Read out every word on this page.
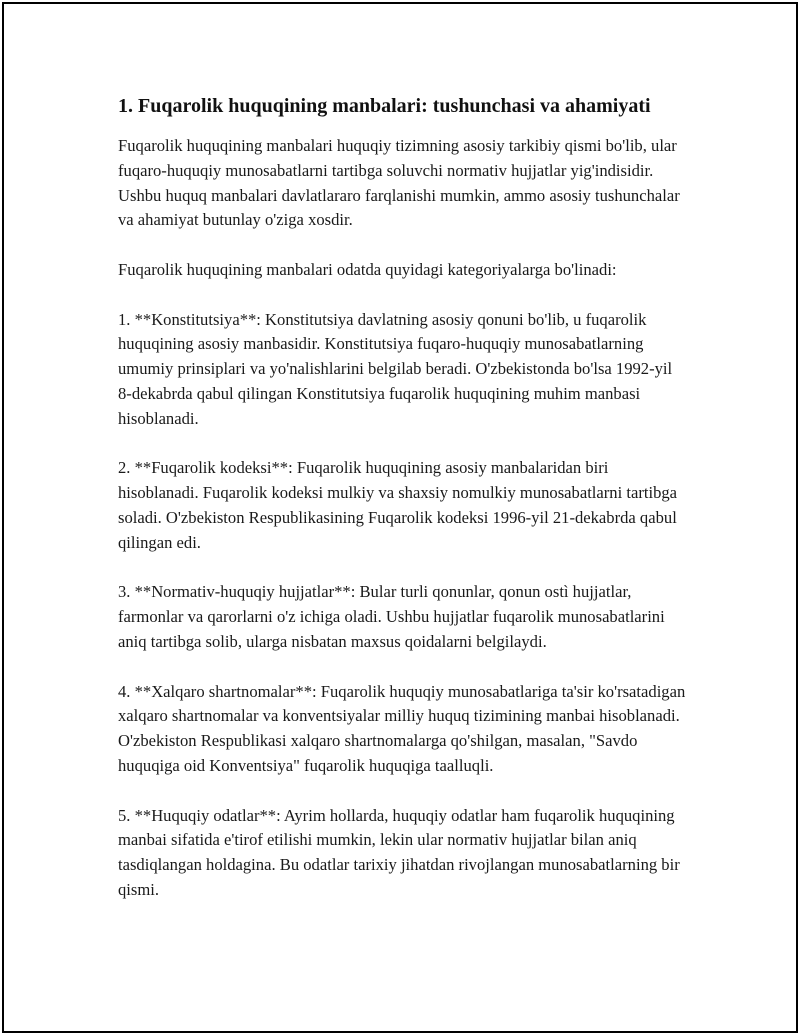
1. Fuqarolik huquqining manbalari: tushunchasi va ahamiyati

Fuqarolik huquqining manbalari huquqiy tizimning asosiy tarkibiy qismi bo'lib, ular fuqaro-huquqiy munosabatlarni tartibga soluvchi normativ hujjatlar yig'indisidir. Ushbu huquq manbalari davlatlararo farqlanishi mumkin, ammo asosiy tushunchalar va ahamiyat butunlay o'ziga xosdir.

Fuqarolik huquqining manbalari odatda quyidagi kategoriyalarga bo'linadi:

1. **Konstitutsiya**: Konstitutsiya davlatning asosiy qonuni bo'lib, u fuqarolik huquqining asosiy manbasidir. Konstitutsiya fuqaro-huquqiy munosabatlarning umumiy prinsiplari va yo'nalishlarini belgilab beradi. O'zbekistonda bo'lsa 1992-yil 8-dekabrda qabul qilingan Konstitutsiya fuqarolik huquqining muhim manbasi hisoblanadi.

2. **Fuqarolik kodeksi**: Fuqarolik huquqining asosiy manbalaridan biri hisoblanadi. Fuqarolik kodeksi mulkiy va shaxsiy nomulkiy munosabatlarni tartibga soladi. O'zbekiston Respublikasining Fuqarolik kodeksi 1996-yil 21-dekabrda qabul qilingan edi.

3. **Normativ-huquqiy hujjatlar**: Bular turli qonunlar, qonun ostì hujjatlar, farmonlar va qarorlarni o'z ichiga oladi. Ushbu hujjatlar fuqarolik munosabatlarini aniq tartibga solib, ularga nisbatan maxsus qoidalarni belgilaydi.

4. **Xalqaro shartnomalar**: Fuqarolik huquqiy munosabatlariga ta'sir ko'rsatadigan xalqaro shartnomalar va konventsiyalar milliy huquq tizimining manbai hisoblanadi. O'zbekiston Respublikasi xalqaro shartnomalarga qo'shilgan, masalan, "Savdo huquqiga oid Konventsiya" fuqarolik huquqiga taalluqli.

5. **Huquqiy odatlar**: Ayrim hollarda, huquqiy odatlar ham fuqarolik huquqining manbai sifatida e'tirof etilishi mumkin, lekin ular normativ hujjatlar bilan aniq tasdiqlangan holdagina. Bu odatlar tarixiy jihatdan rivojlangan munosabatlarning bir qismi.
